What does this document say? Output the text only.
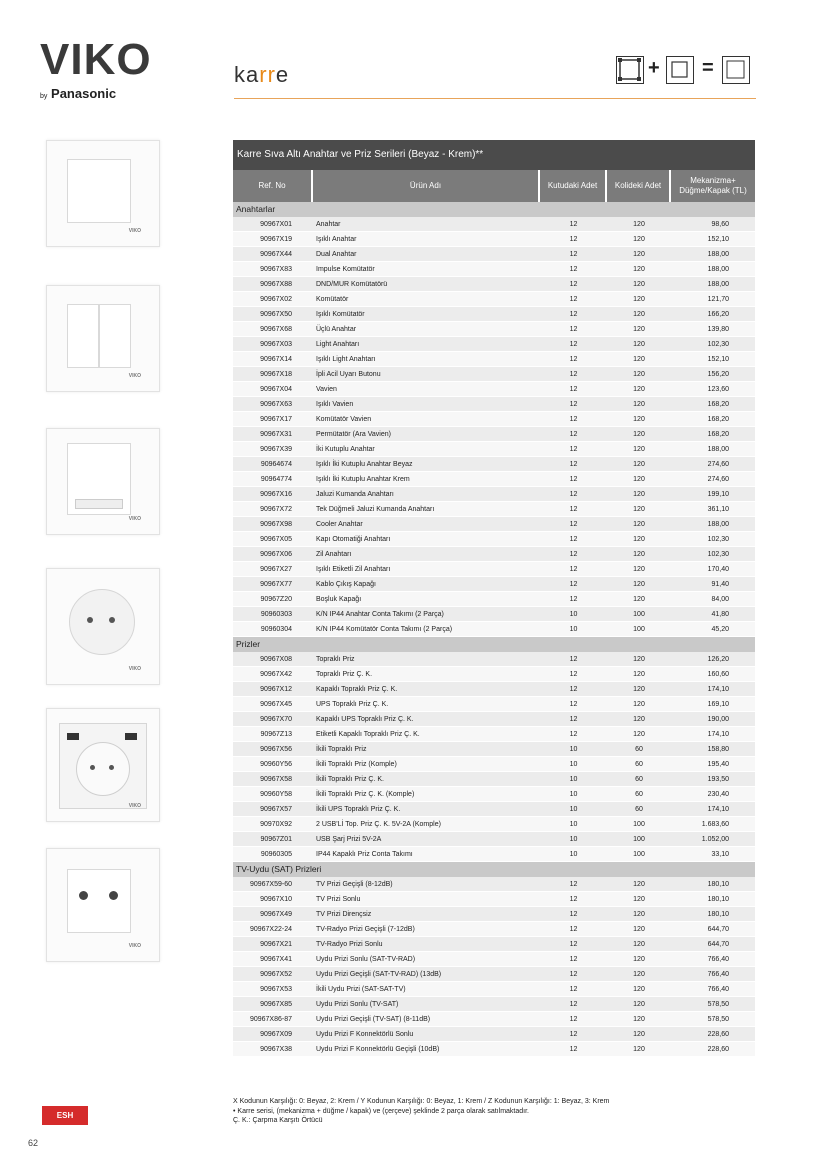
VIKO
by Panasonic
karre	+ =
VIKO
VIKO
VIKO
VIKO
VIKO
VIKO
Karre Sıva Altı Anahtar ve Priz Serileri (Beyaz - Krem)**
Ref. No	Ürün Adı	Kutudaki Adet	Kolideki Adet
Mekanizma+ Düğme/Kapak (TL)
Anahtarlar
90967X01	Anahtar	12	120	98,60
90967X19	Işıklı Anahtar	12	120	152,10
90967X44	Dual Anahtar	12	120	188,00
90967X83	Impulse Komütatör	12	120	188,00
90967X88	DND/MUR Komütatörü	12	120	188,00
90967X02	Komütatör	12	120	121,70
90967X50	Işıklı Komütatör	12	120	166,20
90967X68	Üçlü Anahtar	12	120	139,80
90967X03	Light Anahtarı	12	120	102,30
90967X14	Işıklı Light Anahtarı	12	120	152,10
90967X18	İpli Acil Uyarı Butonu	12	120	156,20
90967X04	Vavien	12	120	123,60
90967X63	Işıklı Vavien	12	120	168,20
90967X17	Komütatör Vavien	12	120	168,20
90967X31	Permütatör (Ara Vavien)	12	120	168,20
90967X39	İki Kutuplu Anahtar	12	120	188,00
90964674	Işıklı İki Kutuplu Anahtar Beyaz	12	120	274,60
90964774	Işıklı İki Kutuplu Anahtar Krem	12	120	274,60
90967X16	Jaluzi Kumanda Anahtarı	12	120	199,10
90967X72	Tek Düğmeli Jaluzi Kumanda Anahtarı	12	120	361,10
90967X98	Cooler Anahtar	12	120	188,00
90967X05	Kapı Otomatiği Anahtarı	12	120	102,30
90967X06	Zil Anahtarı	12	120	102,30
90967X27	Işıklı Etiketli Zil Anahtarı	12	120	170,40
90967X77	Kablo Çıkış Kapağı	12	120	91,40
90967Z20	Boşluk Kapağı	12	120	84,00
90960303	K/N IP44 Anahtar Conta Takımı (2 Parça)	10	100	41,80
90960304	K/N IP44 Komütatör Conta Takımı (2 Parça)	10	100	45,20
Prizler
90967X08	Topraklı Priz	12	120	126,20
90967X42	Topraklı Priz Ç. K.	12	120	160,60
90967X12	Kapaklı Topraklı Priz Ç. K.	12	120	174,10
90967X45	UPS Topraklı Priz Ç. K.	12	120	169,10
90967X70	Kapaklı UPS Topraklı Priz Ç. K.	12	120	190,00
90967Z13	Etiketli Kapaklı Topraklı Priz Ç. K.	12	120	174,10
90967X56	İkili Topraklı Priz	10	60	158,80
90960Y56	İkili Topraklı Priz (Komple)	10	60	195,40
90967X58	İkili Topraklı Priz Ç. K.	10	60	193,50
90960Y58	İkili Topraklı Priz Ç. K. (Komple)	10	60	230,40
90967X57	İkili UPS Topraklı Priz Ç. K.	10	60	174,10
90970X92	2 USB'Lİ Top. Priz Ç. K. 5V-2A (Komple)	10	100	1.683,60
90967Z01	USB Şarj Prizi 5V-2A	10	100	1.052,00
90960305	IP44 Kapaklı Priz Conta Takımı	10	100	33,10
TV-Uydu (SAT) Prizleri
90967X59-60	TV Prizi Geçişli (8-12dB)	12	120	180,10
90967X10	TV Prizi Sonlu	12	120	180,10
90967X49	TV Prizi Dirençsiz	12	120	180,10
90967X22-24	TV-Radyo Prizi Geçişli (7-12dB)	12	120	644,70
90967X21	TV-Radyo Prizi Sonlu	12	120	644,70
90967X41	Uydu Prizi Sonlu (SAT-TV-RAD)	12	120	766,40
90967X52	Uydu Prizi Geçişli (SAT-TV-RAD) (13dB)	12	120	766,40
90967X53	İkili Uydu Prizi (SAT-SAT-TV)	12	120	766,40
90967X85	Uydu Prizi Sonlu (TV-SAT)	12	120	578,50
90967X86-87	Uydu Prizi Geçişli (TV-SAT) (8-11dB)	12	120	578,50
90967X09	Uydu Prizi F Konnektörlü Sonlu	12	120	228,60
90967X38	Uydu Prizi F Konnektörlü Geçişli (10dB)	12	120	228,60
X Kodunun Karşılığı: 0: Beyaz, 2: Krem / Y Kodunun Karşılığı: 0: Beyaz, 1: Krem / Z Kodunun Karşılığı: 1: Beyaz, 3: Krem
• Karre serisi, (mekanizma + düğme / kapak) ve (çerçeve) şeklinde 2 parça olarak satılmaktadır.
Ç. K.: Çarpma Karşıtı Örtücü
ESH
62
